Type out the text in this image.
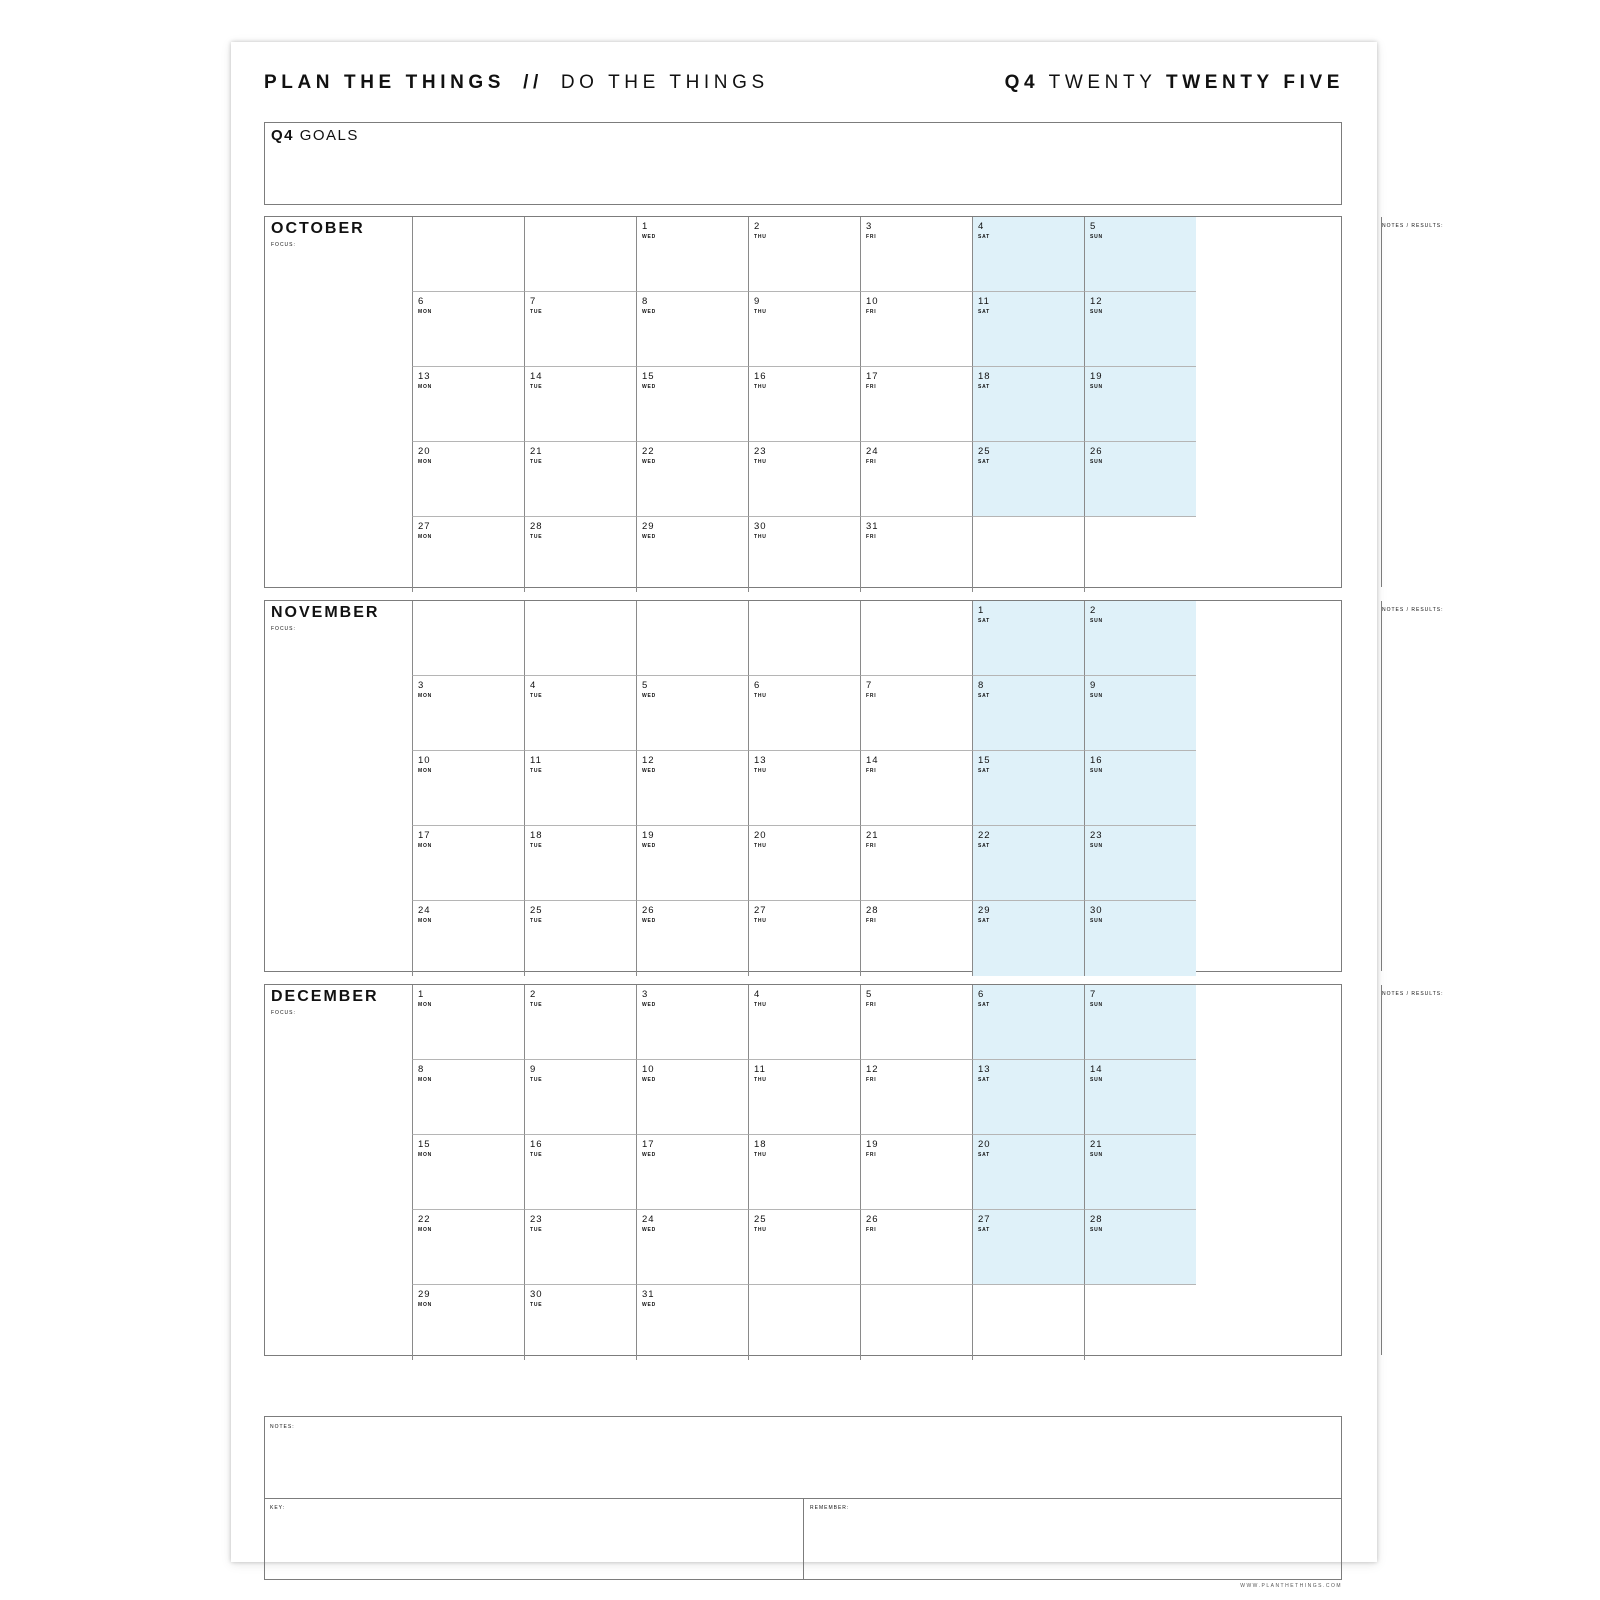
PLAN THE THINGS // DO THE THINGS	Q4 TWENTY TWENTY FIVE
Q4 GOALS
OCTOBER
FOCUS:
1
WED
2
THU
3
FRI
4
SAT
5
SUN
6
MON
7
TUE
8
WED
9
THU
10
FRI
11
SAT
12
SUN
13
MON
14
TUE
15
WED
16
THU
17
FRI
18
SAT
19
SUN
20
MON
21
TUE
22
WED
23
THU
24
FRI
25
SAT
26
SUN
27
MON
28
TUE
29
WED
30
THU
31
FRI
NOTES / RESULTS:
NOVEMBER
FOCUS:
1
SAT
2
SUN
3
MON
4
TUE
5
WED
6
THU
7
FRI
8
SAT
9
SUN
10
MON
11
TUE
12
WED
13
THU
14
FRI
15
SAT
16
SUN
17
MON
18
TUE
19
WED
20
THU
21
FRI
22
SAT
23
SUN
24
MON
25
TUE
26
WED
27
THU
28
FRI
29
SAT
30
SUN
NOTES / RESULTS:
DECEMBER
FOCUS:
1
MON
2
TUE
3
WED
4
THU
5
FRI
6
SAT
7
SUN
8
MON
9
TUE
10
WED
11
THU
12
FRI
13
SAT
14
SUN
15
MON
16
TUE
17
WED
18
THU
19
FRI
20
SAT
21
SUN
22
MON
23
TUE
24
WED
25
THU
26
FRI
27
SAT
28
SUN
29
MON
30
TUE
31
WED
NOTES / RESULTS:
NOTES:
KEY:	REMEMBER:
WWW.PLANTHETHINGS.COM
